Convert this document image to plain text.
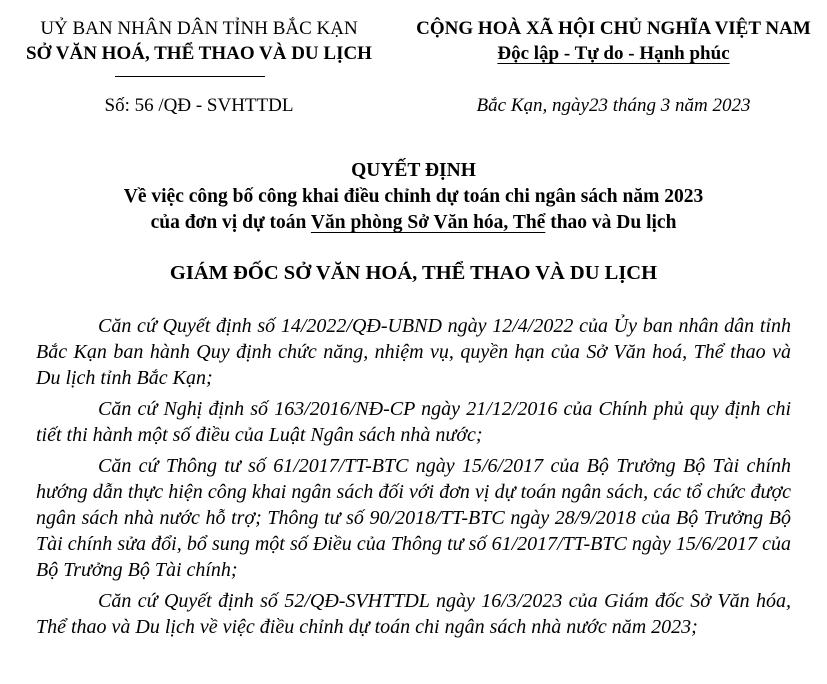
UỶ BAN NHÂN DÂN TỈNH BẮC KẠN
SỞ VĂN HOÁ, THỂ THAO VÀ DU LỊCH
Số: 56 /QĐ - SVHTTDL
CỘNG HOÀ XÃ HỘI CHỦ NGHĨA VIỆT NAM
Độc lập - Tự do - Hạnh phúc
Bắc Kạn, ngày23 tháng 3 năm 2023
QUYẾT ĐỊNH
Về việc công bố công khai điều chỉnh dự toán chi ngân sách năm 2023
của đơn vị dự toán Văn phòng Sở Văn hóa, Thể thao và Du lịch
GIÁM ĐỐC SỞ VĂN HOÁ, THỂ THAO VÀ DU LỊCH

Căn cứ Quyết định số 14/2022/QĐ-UBND ngày 12/4/2022 của Ủy ban nhân dân tỉnh Bắc Kạn ban hành Quy định chức năng, nhiệm vụ, quyền hạn của Sở Văn hoá, Thể thao và Du lịch tỉnh Bắc Kạn;

Căn cứ Nghị định số 163/2016/NĐ-CP ngày 21/12/2016 của Chính phủ quy định chi tiết thi hành một số điều của Luật Ngân sách nhà nước;

Căn cứ Thông tư số 61/2017/TT-BTC ngày 15/6/2017 của Bộ Trưởng Bộ Tài chính hướng dẫn thực hiện công khai ngân sách đối với đơn vị dự toán ngân sách, các tổ chức được ngân sách nhà nước hỗ trợ; Thông tư số 90/2018/TT-BTC ngày 28/9/2018 của Bộ Trưởng Bộ Tài chính sửa đổi, bổ sung một số Điều của Thông tư số 61/2017/TT-BTC ngày 15/6/2017 của Bộ Trưởng Bộ Tài chính;

Căn cứ Quyết định số 52/QĐ-SVHTTDL ngày 16/3/2023 của Giám đốc Sở Văn hóa, Thể thao và Du lịch về việc điều chỉnh dự toán chi ngân sách nhà nước năm 2023;
